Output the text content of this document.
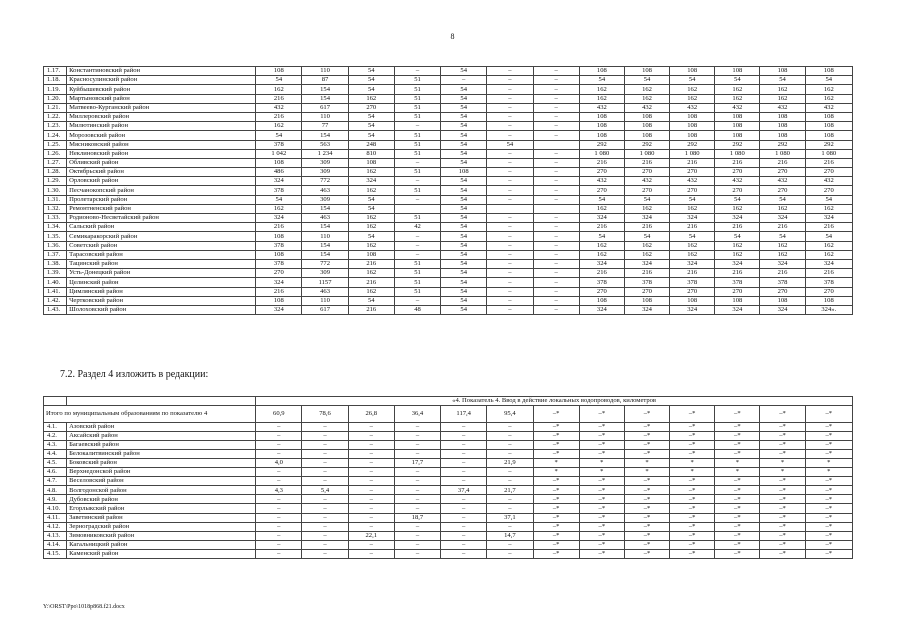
8
1.17.	Константиновский район	108	110	54	–	54	–	–	108	108	108	108	108	108
1.18.	Красносулинский район	54	87	54	51	–	–	–	54	54	54	54	54	54
1.19.	Куйбышевский район	162	154	54	51	54	–	–	162	162	162	162	162	162
1.20.	Мартыновский район	216	154	162	51	54	–	–	162	162	162	162	162	162
1.21.	Матвеево-Курганский район	432	617	270	51	54	–	–	432	432	432	432	432	432
1.22.	Миллеровский район	216	110	54	51	54	–	–	108	108	108	108	108	108
1.23.	Милютинский район	162	77	54	–	54	–	–	108	108	108	108	108	108
1.24.	Морозовский район	54	154	54	51	54	–	–	108	108	108	108	108	108
1.25.	Мясниковский район	378	563	248	51	54	54		292	292	292	292	292	292
1.26.	Неклиновский район	1 042	1 234	810	51	54	–	–	1 080	1 080	1 080	1 080	1 080	1 080
1.27.	Обливский район	108	309	108	–	54	–	–	216	216	216	216	216	216
1.28.	Октябрьский район	486	309	162	51	108	–	–	270	270	270	270	270	270
1.29.	Орловский район	324	772	324	–	54	–	–	432	432	432	432	432	432
1.30.	Песчанокопский район	378	463	162	51	54	–	–	270	270	270	270	270	270
1.31.	Пролетарский район	54	309	54	–	54	–	–	54	54	54	54	54	54
1.32.	Ремонтненский район	162	154	54		54			162	162	162	162	162	162
1.33.	Родионово-Несветайский район	324	463	162	51	54	–	–	324	324	324	324	324	324
1.34.	Сальский район	216	154	162	42	54	–	–	216	216	216	216	216	216
1.35.	Семикаракорский район	108	110	54	–	54	–	–	54	54	54	54	54	54
1.36.	Советский район	378	154	162	–	54	–	–	162	162	162	162	162	162
1.37.	Тарасовский район	108	154	108	–	54	–	–	162	162	162	162	162	162
1.38.	Тацинский район	378	772	216	51	54	–	–	324	324	324	324	324	324
1.39.	Усть-Донецкий район	270	309	162	51	54	–	–	216	216	216	216	216	216
1.40.	Целинский район	324	1157	216	51	54	–	–	378	378	378	378	378	378
1.41.	Цимлянский район	216	463	162	51	54	–	–	270	270	270	270	270	270
1.42.	Чертковский район	108	110	54	–	54	–	–	108	108	108	108	108	108
1.43.	Шолоховский район	324	617	216	48	54	–	–	324	324	324	324	324	324».
7.2. Раздел 4 изложить в редакции:
		«4. Показатель 4. Ввод в действие локальных водопроводов, километров												
Итого по муниципальным образованиям по показателю 4		60,9	78,6	26,8	36,4	117,4	95,4	–*	–*	–*	–*	–*	–*	–*
4.1.	Азовский район	–	–	–	–	–	–	–*	–*	–*	–*	–*	–*	–*
4.2.	Аксайский район	–	–	–	–	–	–	–*	–*	–*	–*	–*	–*	–*
4.3.	Багаевский район	–	–	–	–	–	–	–*	–*	–*	–*	–*	–*	–*
4.4.	Белокалитвинский район	–	–	–	–	–	–	–*	–*	–*	–*	–*	–*	–*
4.5.	Боковский район	4,0	–	–	17,7	–	21,9	*	*	*	*	*	*	*
4.6.	Верхнедонской район	–	–	–	–	–	–	*	*	*	*	*	*	*
4.7.	Веселовский район	–	–	–	–	–	–	–*	–*	–*	–*	–*	–*	–*
4.8.	Волгодонской район	4,3	5,4	–	–	37,4	21,7	–*	–*	–*	–*	–*	–*	–*
4.9.	Дубовский район	–	–	–	–	–	–	–*	–*	–*	–*	–*	–*	–*
4.10.	Егорлыкский район	–	–	–	–	–	–	–*	–*	–*	–*	–*	–*	–*
4.11.	Заветинский район	–	–	–	18,7	–	37,1	–*	–*	–*	–*	–*	–*	–*
4.12.	Зерноградский район	–	–	–	–	–	–	–*	–*	–*	–*	–*	–*	–*
4.13.	Зимовниковский район	–	–	22,1	–	–	14,7	–*	–*	–*	–*	–*	–*	–*
4.14.	Кагальницкий район	–	–	–	–	–	–	–*	–*	–*	–*	–*	–*	–*
4.15.	Каменский район	–	–	–	–	–	–	–*	–*	–*	–*	–*	–*	–*
Y:\ORST\Ppo\1018p868.f21.docx
